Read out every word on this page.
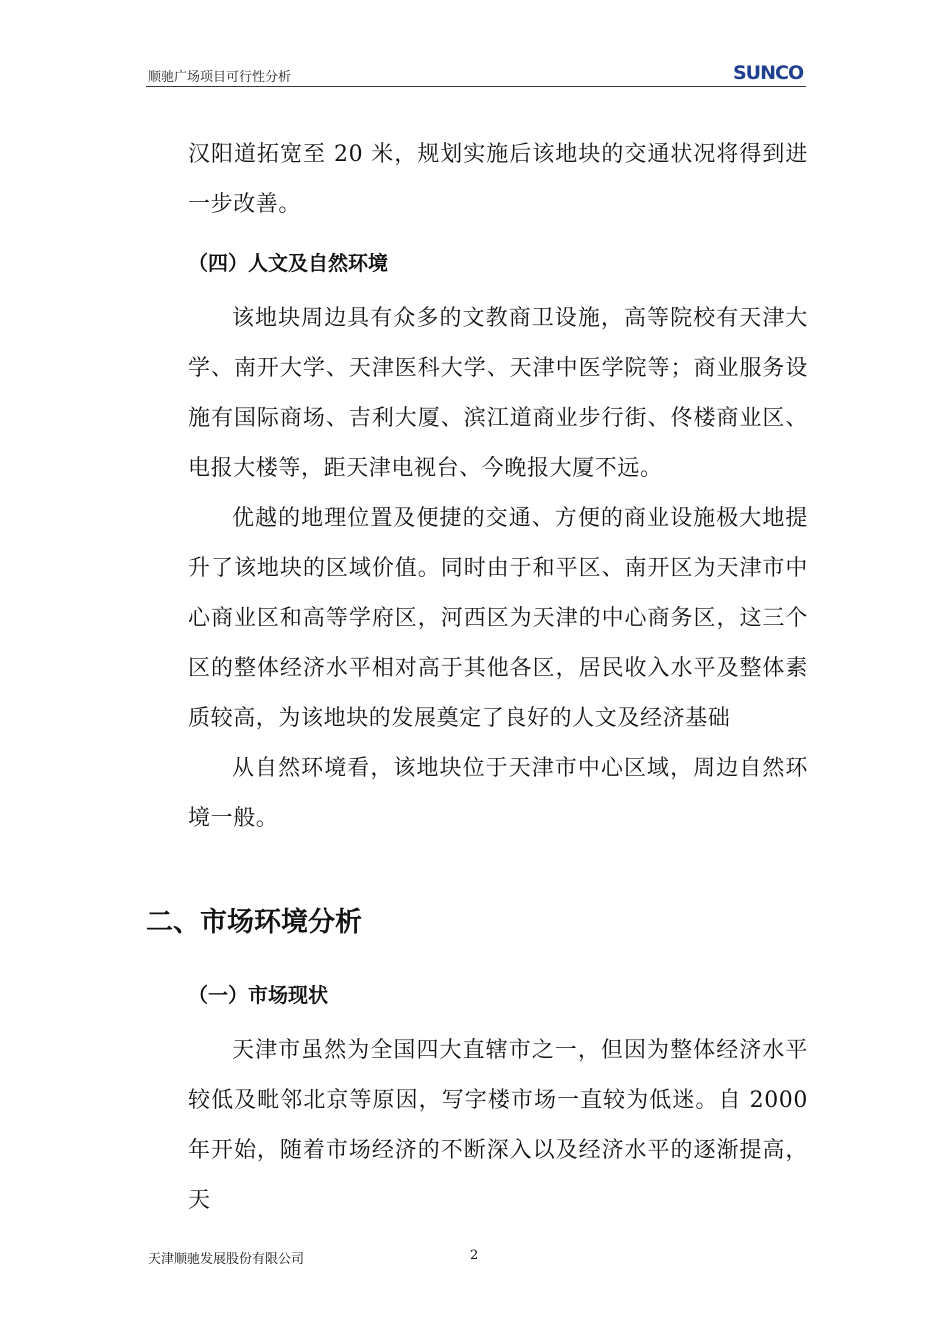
顺驰广场项目可行性分析	SUNCO

汉阳道拓宽至 20 米，规划实施后该地块的交通状况将得到进一步改善。

（四）人文及自然环境

该地块周边具有众多的文教商卫设施，高等院校有天津大学、南开大学、天津医科大学、天津中医学院等；商业服务设施有国际商场、吉利大厦、滨江道商业步行街、佟楼商业区、电报大楼等，距天津电视台、今晚报大厦不远。

优越的地理位置及便捷的交通、方便的商业设施极大地提升了该地块的区域价值。同时由于和平区、南开区为天津市中心商业区和高等学府区，河西区为天津的中心商务区，这三个区的整体经济水平相对高于其他各区，居民收入水平及整体素质较高，为该地块的发展奠定了良好的人文及经济基础

从自然环境看，该地块位于天津市中心区域，周边自然环境一般。

二、市场环境分析
（一）市场现状

天津市虽然为全国四大直辖市之一，但因为整体经济水平较低及毗邻北京等原因，写字楼市场一直较为低迷。自 2000 年开始，随着市场经济的不断深入以及经济水平的逐渐提高，天

天津顺驰发展股份有限公司	2
